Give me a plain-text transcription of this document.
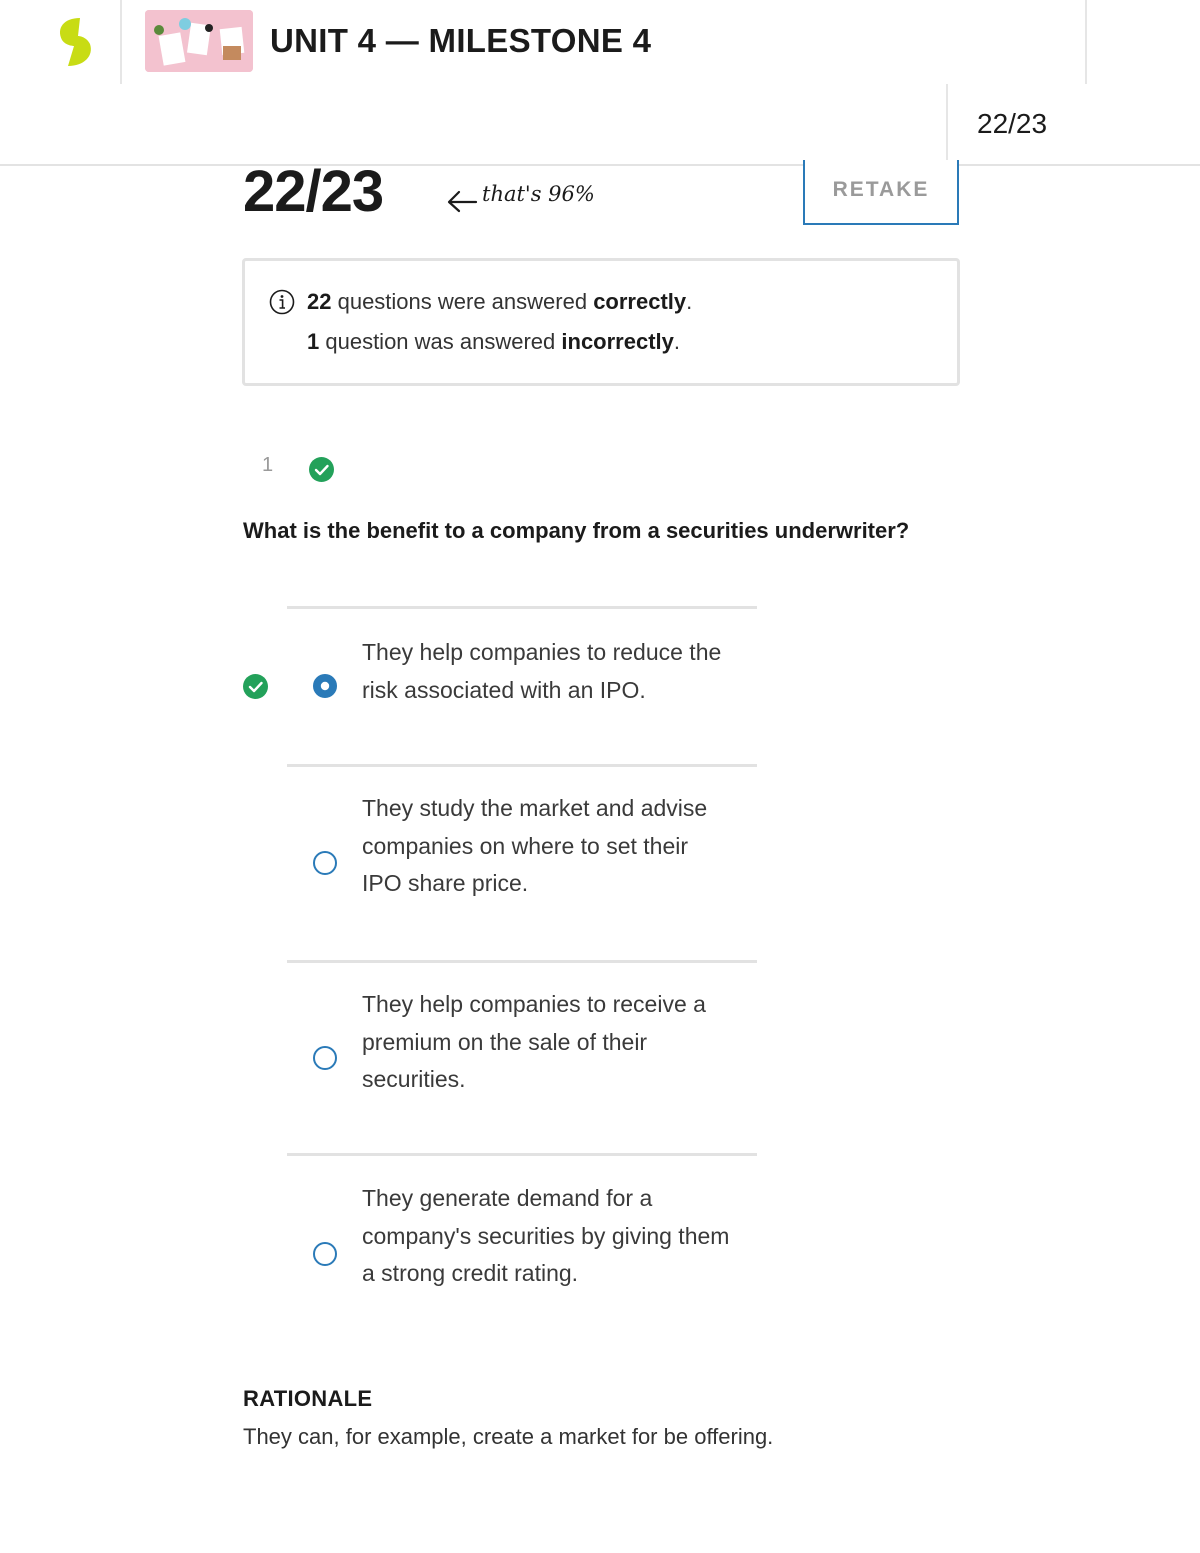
UNIT 4 — MILESTONE 4
22/23
22/23	that's 96%	RETAKE
22 questions were answered correctly.
1 question was answered incorrectly.
1
What is the benefit to a company from a securities underwriter?
They help companies to reduce the risk associated with an IPO.
They study the market and advise companies on where to set their IPO share price.
They help companies to receive a premium on the sale of their securities.
They generate demand for a company's securities by giving them a strong credit rating.
RATIONALE
They can, for example, create a market for be offering.
